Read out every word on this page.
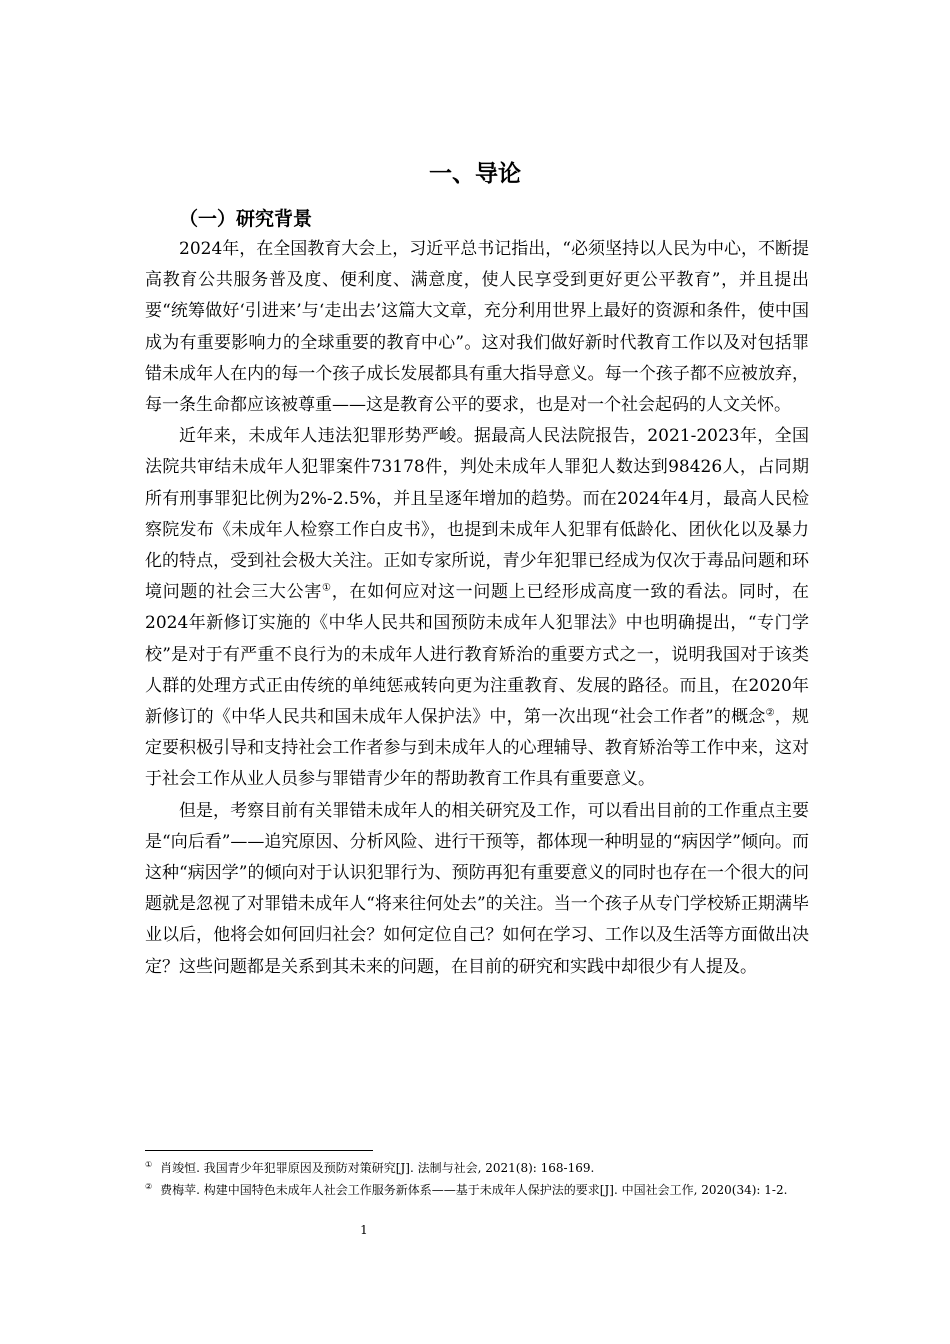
一、导论
（一）研究背景

2024年，在全国教育大会上，习近平总书记指出，“必须坚持以人民为中心，不断提高教育公共服务普及度、便利度、满意度，使人民享受到更好更公平教育”，并且提出要“统筹做好‘引进来’与‘走出去’这篇大文章，充分利用世界上最好的资源和条件，使中国成为有重要影响力的全球重要的教育中心”。这对我们做好新时代教育工作以及对包括罪错未成年人在内的每一个孩子成长发展都具有重大指导意义。每一个孩子都不应被放弃，每一条生命都应该被尊重——这是教育公平的要求，也是对一个社会起码的人文关怀。

近年来，未成年人违法犯罪形势严峻。据最高人民法院报告，2021-2023年，全国法院共审结未成年人犯罪案件73178件，判处未成年人罪犯人数达到98426人，占同期所有刑事罪犯比例为2%-2.5%，并且呈逐年增加的趋势。而在2024年4月，最高人民检察院发布《未成年人检察工作白皮书》，也提到未成年人犯罪有低龄化、团伙化以及暴力化的特点，受到社会极大关注。正如专家所说，青少年犯罪已经成为仅次于毒品问题和环境问题的社会三大公害①，在如何应对这一问题上已经形成高度一致的看法。同时，在2024年新修订实施的《中华人民共和国预防未成年人犯罪法》中也明确提出，“专门学校”是对于有严重不良行为的未成年人进行教育矫治的重要方式之一，说明我国对于该类人群的处理方式正由传统的单纯惩戒转向更为注重教育、发展的路径。而且，在2020年新修订的《中华人民共和国未成年人保护法》中，第一次出现“社会工作者”的概念②，规定要积极引导和支持社会工作者参与到未成年人的心理辅导、教育矫治等工作中来，这对于社会工作从业人员参与罪错青少年的帮助教育工作具有重要意义。

但是，考察目前有关罪错未成年人的相关研究及工作，可以看出目前的工作重点主要是“向后看”——追究原因、分析风险、进行干预等，都体现一种明显的“病因学”倾向。而这种“病因学”的倾向对于认识犯罪行为、预防再犯有重要意义的同时也存在一个很大的问题就是忽视了对罪错未成年人“将来往何处去”的关注。当一个孩子从专门学校矫正期满毕业以后，他将会如何回归社会？如何定位自己？如何在学习、工作以及生活等方面做出决定？这些问题都是关系到其未来的问题，在目前的研究和实践中却很少有人提及。

① 肖竣恒. 我国青少年犯罪原因及预防对策研究[J]. 法制与社会, 2021(8): 168-169.

② 费梅苹. 构建中国特色未成年人社会工作服务新体系——基于未成年人保护法的要求[J]. 中国社会工作, 2020(34): 1-2.

1
